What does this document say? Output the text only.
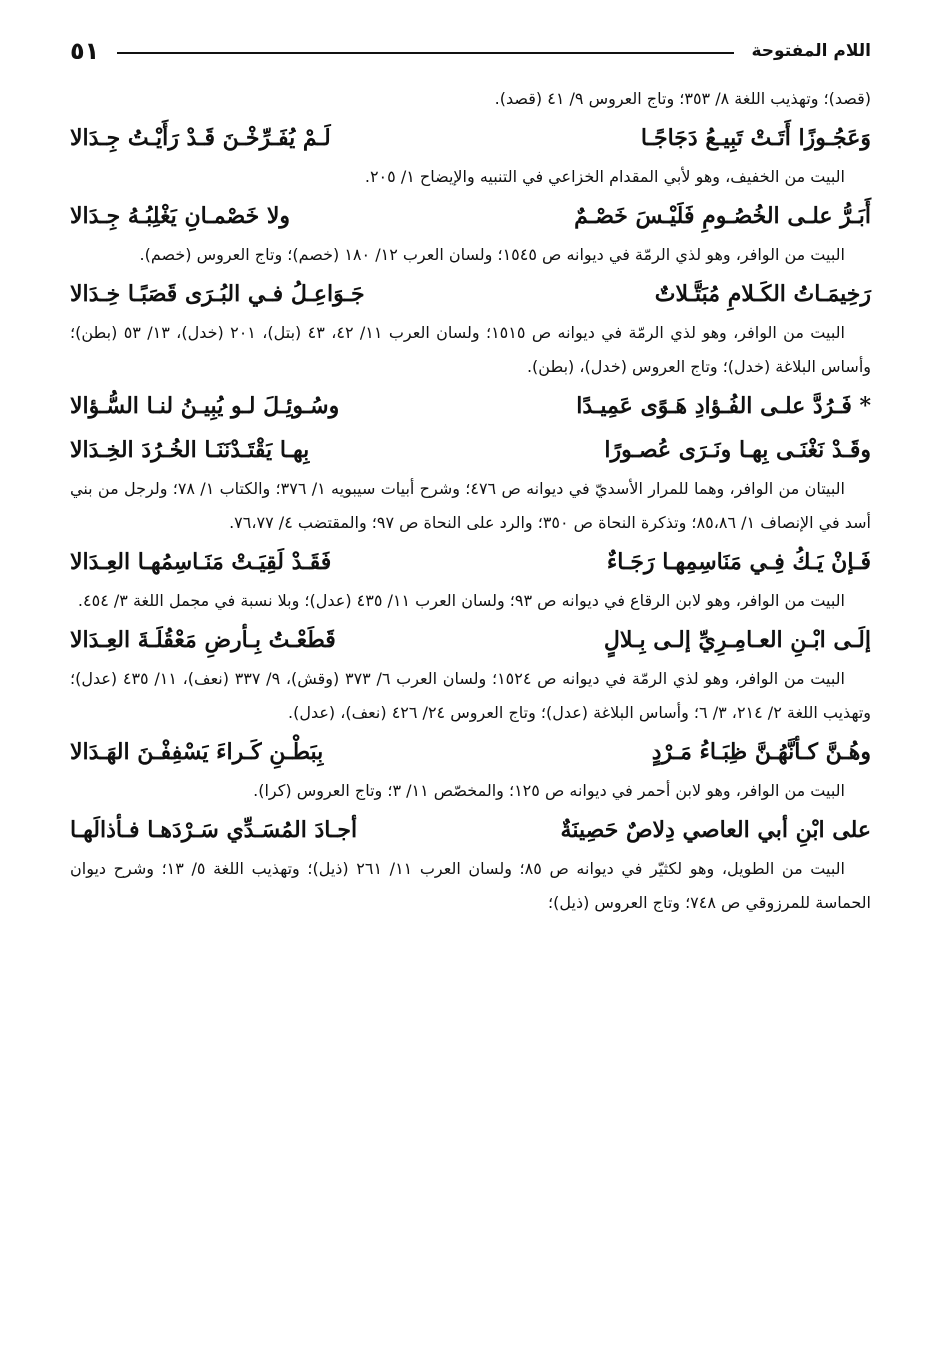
اللام المفتوحة
٥١

(قصد)؛ وتهذيب اللغة ٨/ ٣٥٣؛ وتاج العروس ٩/ ٤١ (قصد).

وَعَجُـوزًا أَتَـتْ تَبِيـعُ دَجَاجًـا
لَـمْ يُفَـرِّخْـنَ قَـدْ رَأَيْـتُ جِـدَالا

البيت من الخفيف، وهو لأبي المقدام الخزاعي في التنبيه والإيضاح ١/ ٢٠٥.

أَبَـرُّ علـى الخُصُـومِ فَلَيْـسَ خَصْـمٌ
ولا خَصْمـانِ يَغْلِبُـهُ جِـدَالا

البيت من الوافر، وهو لذي الرمّة في ديوانه ص ١٥٤٥؛ ولسان العرب ١٢/ ١٨٠ (خصم)؛ وتاج العروس (خصم).

رَخِيمَـاتُ الكَـلامِ مُبَتَّـلاتٌ
جَـوَاعِـلُ فـي البُـرَى قَصَبًـا خِـدَالا

البيت من الوافر، وهو لذي الرمّة في ديوانه ص ١٥١٥؛ ولسان العرب ١١/ ٤٢، ٤٣ (بتل)، ٢٠١ (خدل)، ١٣/ ٥٣ (بطن)؛ وأساس البلاغة (خدل)؛ وتاج العروس (خدل)، (بطن).

* فَـرُدَّ علـى الفُـؤادِ هَـوًى عَمِيـدًا
وسُـوئِـلَ لـو يُبِيـنُ لنـا السُّـؤالا
وقَـدْ نَغْنَـى بِهـا ونَـرَى عُصـورًا
بِهـا يَقْتَـدْنَنَـا الخُـرُدَ الخِـدَالا

البيتان من الوافر، وهما للمرار الأسديّ في ديوانه ص ٤٧٦؛ وشرح أبيات سيبويه ١/ ٣٧٦؛ والكتاب ١/ ٧٨؛ ولرجل من بني أسد في الإنصاف ١/ ٨٥،٨٦؛ وتذكرة النحاة ص ٣٥٠؛ والرد على النحاة ص ٩٧؛ والمقتضب ٤/ ٧٦،٧٧.

فَـإنْ يَـكُ فِـي مَنَاسِمِهـا رَجَـاءٌ
فَقَـدْ لَقِيَـتْ مَنَـاسِمُهـا العِـدَالا

البيت من الوافر، وهو لابن الرقاع في ديوانه ص ٩٣؛ ولسان العرب ١١/ ٤٣٥ (عدل)؛ وبلا نسبة في مجمل اللغة ٣/ ٤٥٤.

إلَـى ابْـنِ العـامِـرِيِّ إلـى بِـلالٍ
قَطَعْـتُ بِـأرضِ مَعْقُلَـةَ العِـدَالا

البيت من الوافر، وهو لذي الرمّة في ديوانه ص ١٥٢٤؛ ولسان العرب ٦/ ٣٧٣ (وقش)، ٩/ ٣٣٧ (نعف)، ١١/ ٤٣٥ (عدل)؛ وتهذيب اللغة ٢/ ٢١٤، ٣/ ٦؛ وأساس البلاغة (عدل)؛ وتاج العروس ٢٤/ ٤٢٦ (نعف)، (عدل).

وهُـنَّ كـأنَّهُـنَّ ظِبَـاءُ مَـرْدٍ
بِبَطْـنِ كَـراءَ يَسْفِفْـنَ الهَـدَالا

البيت من الوافر، وهو لابن أحمر في ديوانه ص ١٢٥؛ والمخصّص ١١/ ٣؛ وتاج العروس (كرا).

على ابْنِ أبي العاصي دِلاصٌ حَصِينَةٌ
أجـادَ المُسَـدِّي سَـرْدَهـا فـأذالَهـا

البيت من الطويل، وهو لكثيّر في ديوانه ص ٨٥؛ ولسان العرب ١١/ ٢٦١ (ذيل)؛ وتهذيب اللغة ٥/ ١٣؛ وشرح ديوان الحماسة للمرزوقي ص ٧٤٨؛ وتاج العروس (ذيل)؛
